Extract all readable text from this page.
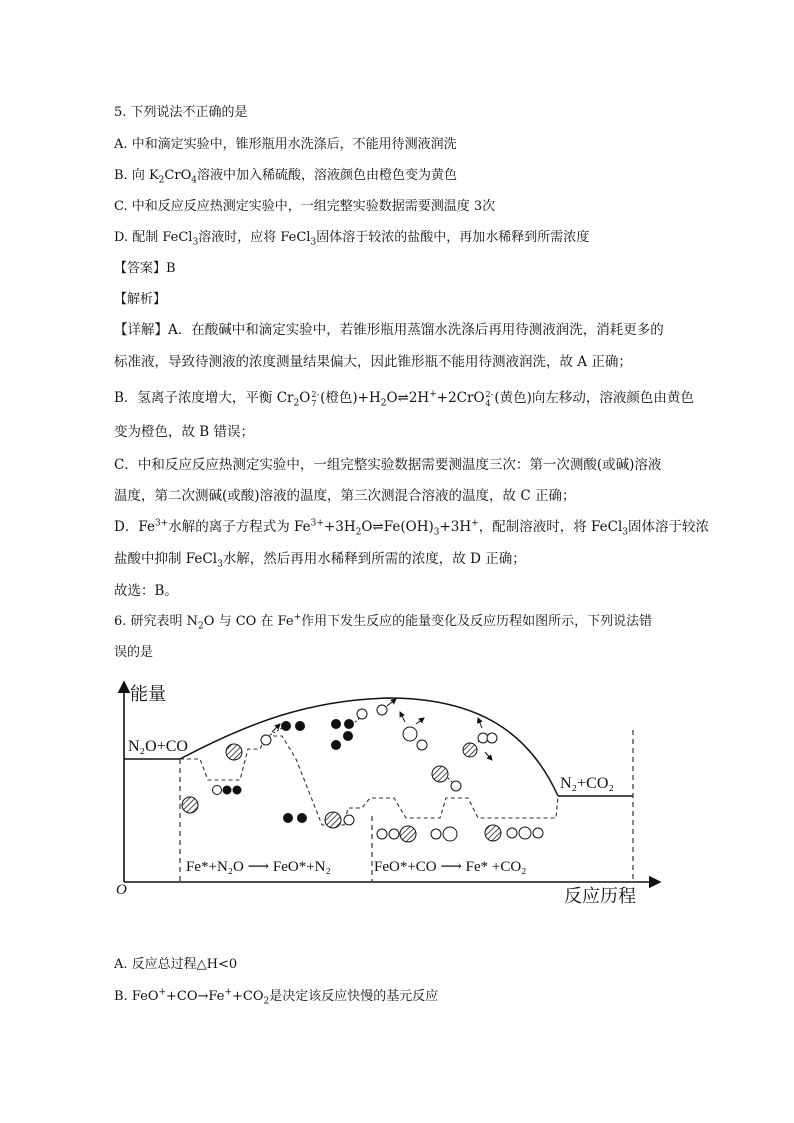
5. 下列说法不正确的是
A. 中和滴定实验中，锥形瓶用水洗涤后，不能用待测液润洗
B. 向 $K_2CrO_4$溶液中加入稀硫酸，溶液颜色由橙色变为黄色
C. 中和反应反应热测定实验中，一组完整实验数据需要测温度 3次
D. 配制 FeCl$_3$溶液时，应将 FeCl$_3$固体溶于较浓的盐酸中，再加水稀释到所需浓度
【答案】B
【解析】
【详解】A．在酸碱中和滴定实验中，若锥形瓶用蒸馏水洗涤后再用待测液润洗，消耗更多的
标准液，导致待测液的浓度测量结果偏大，因此锥形瓶不能用待测液润洗，故 A 正确；
B．氢离子浓度增大，平衡 $Cr_2O$ 2-
7 (橙色)$+H_2O\rightleftharpoons 2H^++2CrO$ 2-
4 (黄色)向左移动，溶液颜色由黄色
变为橙色，故 B 错误；
C．中和反应反应热测定实验中，一组完整实验数据需要测温度三次：第一次测酸(或碱)溶液
温度，第二次测碱(或酸)溶液的温度，第三次测混合溶液的温度，故 C 正确；
D．$Fe^{3+}$水解的离子方程式为 $Fe^{3+}+3H_2O\rightleftharpoons Fe(OH)_3+3H^+$，配制溶液时，将 FeCl$_3$固体溶于较浓
盐酸中抑制 FeCl$_3$水解，然后再用水稀释到所需的浓度，故 D 正确；
故选：B。
6. 研究表明 $N_2O$ 与 CO 在 Fe+作用下发生反应的能量变化及反应历程如图所示，下列说法错
误的是
能量
反应历程
O
N₂O+CO
N₂+CO₂
Fe*+N₂O ⟶ FeO*+N₂	FeO*+CO ⟶ Fe* +CO₂
A. 反应总过程△H<0
B. $FeO^++CO\to Fe^++CO_2$是决定该反应快慢的基元反应
